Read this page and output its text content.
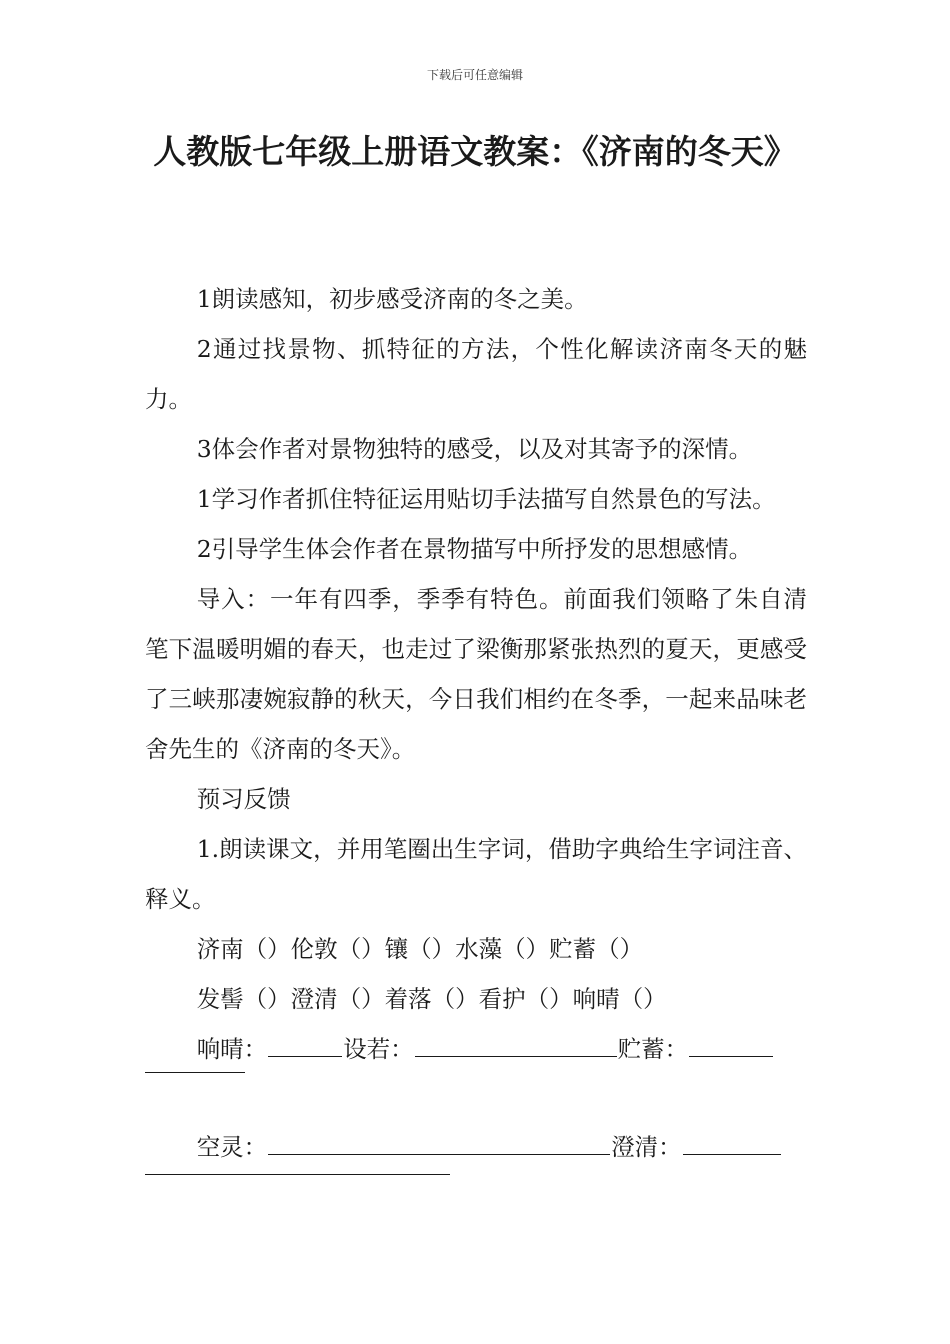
下载后可任意编辑
人教版七年级上册语文教案：《济南的冬天》

1朗读感知，初步感受济南的冬之美。

2通过找景物、抓特征的方法，个性化解读济南冬天的魅力。

3体会作者对景物独特的感受，以及对其寄予的深情。

1学习作者抓住特征运用贴切手法描写自然景色的写法。

2引导学生体会作者在景物描写中所抒发的思想感情。

导入：一年有四季，季季有特色。前面我们领略了朱自清笔下温暖明媚的春天，也走过了梁衡那紧张热烈的夏天，更感受了三峡那凄婉寂静的秋天，今日我们相约在冬季，一起来品味老舍先生的《济南的冬天》。

预习反馈

1.朗读课文，并用笔圈出生字词，借助字典给生字词注音、释义。

济南（）伦敦（）镶（）水藻（）贮蓄（）

发髻（）澄清（）着落（）看护（）响晴（）

响晴：	设若：	贮蓄：
空灵：	澄清：
